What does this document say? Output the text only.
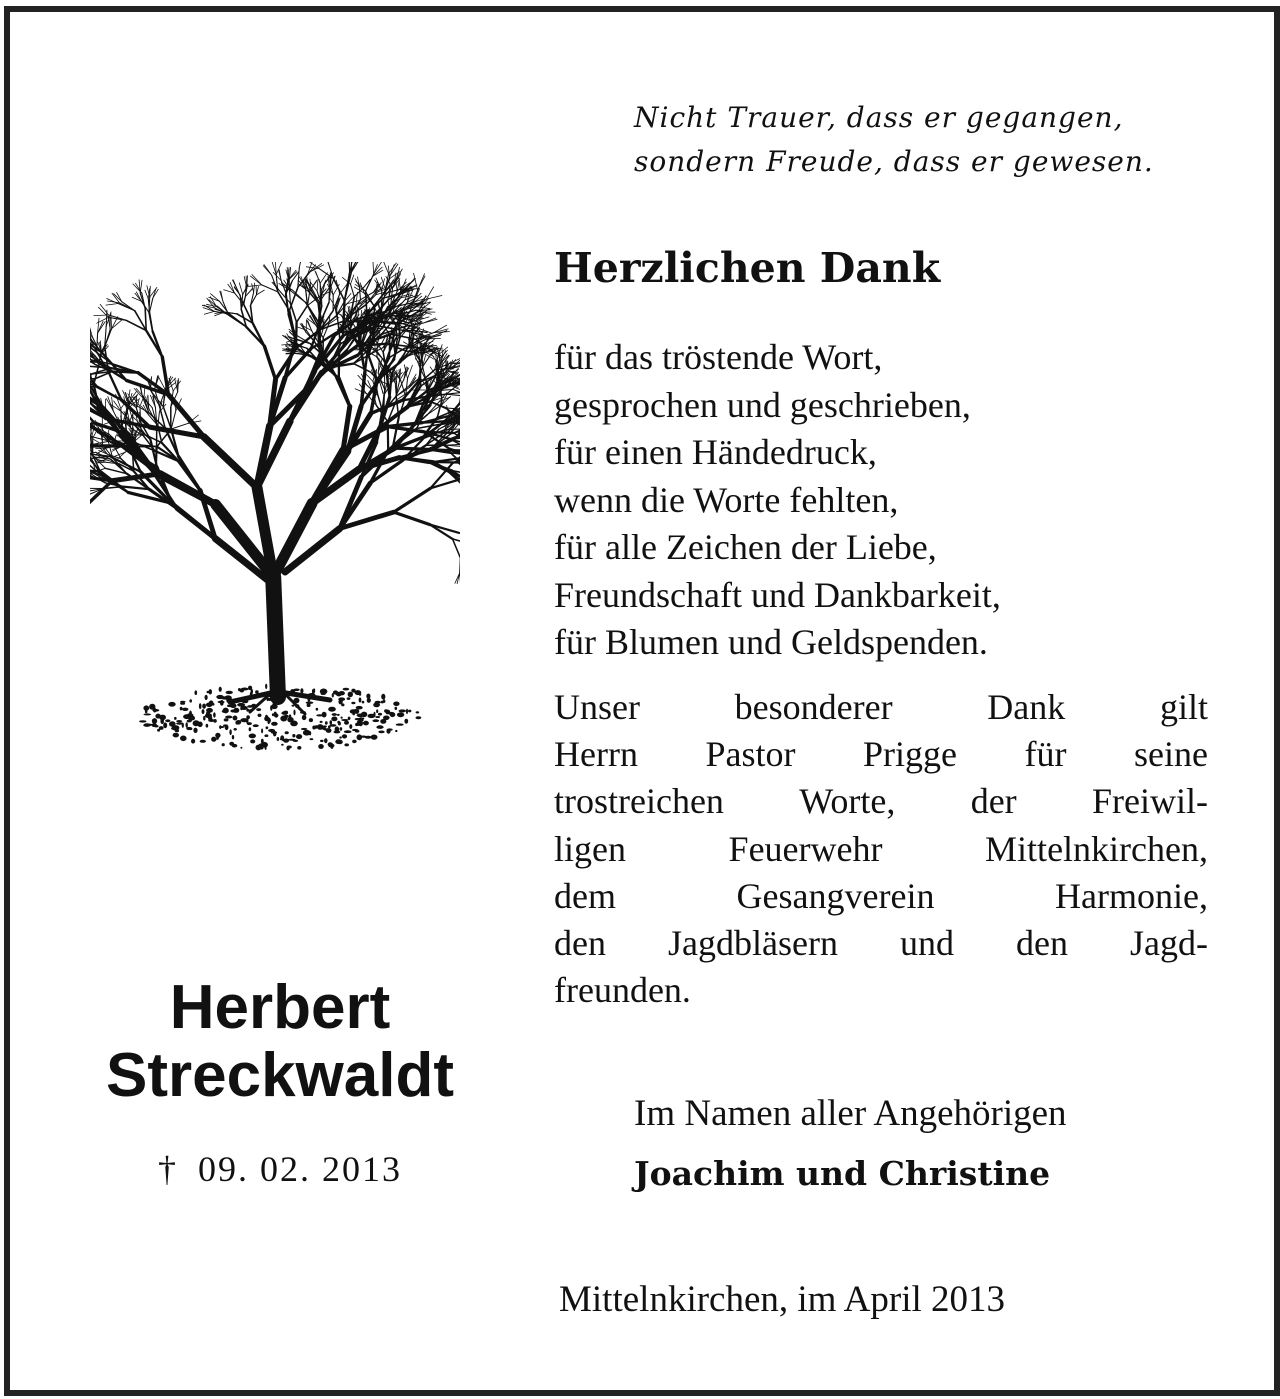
Nicht Trauer, dass er gegangen,
sondern Freude, dass er gewesen.
Herzlichen Dank
für das tröstende Wort,
gesprochen und geschrieben,
für einen Händedruck,
wenn die Worte fehlten,
für alle Zeichen der Liebe,
Freundschaft und Dankbarkeit,
für Blumen und Geldspenden.
Unser	besonderer	Dank	gilt
Herrn Pastor Prigge für seine
trostreichen Worte, der Freiwil-
ligen	Feuerwehr	Mittelnkirchen,
dem	Gesangverein	Harmonie,
den Jagdbläsern und den Jagd-
freunden.
Herbert
Streckwaldt
† 09. 02. 2013
Im Namen aller Angehörigen
Joachim und Christine
Mittelnkirchen, im April 2013
